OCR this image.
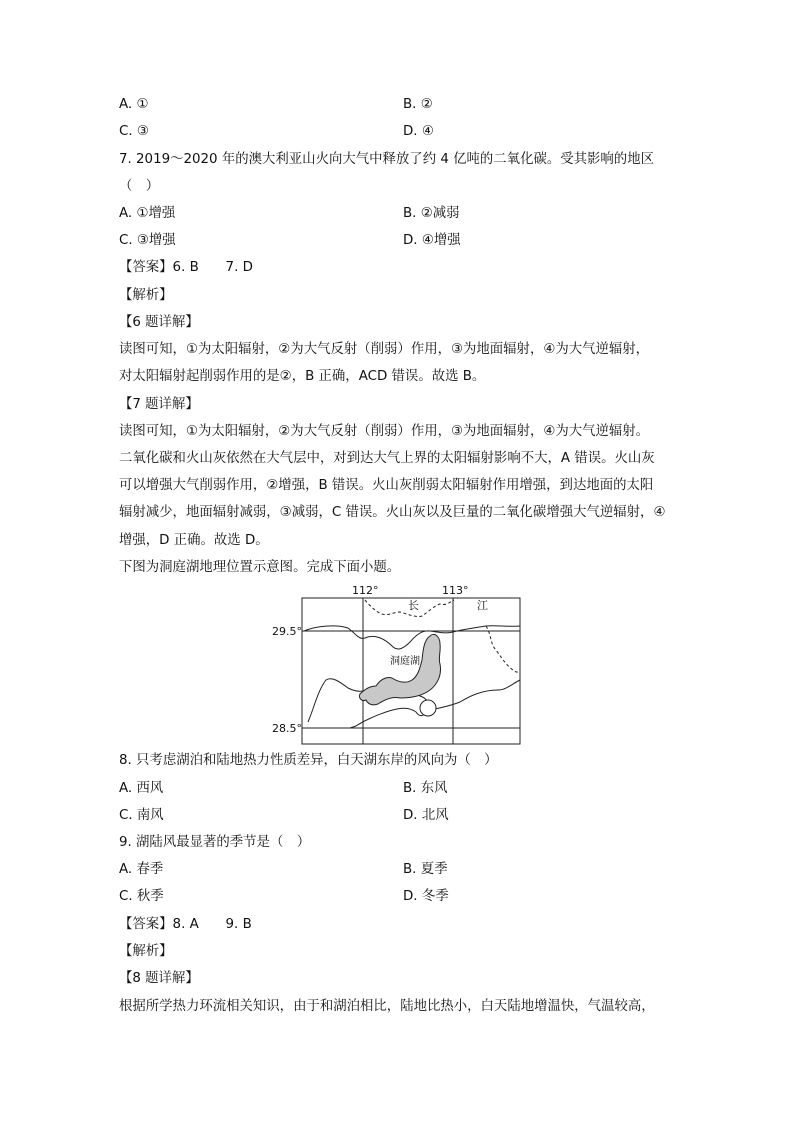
A. ①	B. ②
C. ③	D. ④
7. 2019～2020 年的澳大利亚山火向大气中释放了约 4 亿吨的二氧化碳。受其影响的地区
（　）
A. ①增强	B. ②减弱
C. ③增强	D. ④增强
【答案】6. B　　7. D
【解析】
【6 题详解】
读图可知，①为太阳辐射，②为大气反射（削弱）作用，③为地面辐射，④为大气逆辐射，
对太阳辐射起削弱作用的是②，B 正确，ACD 错误。故选 B。
【7 题详解】
读图可知，①为太阳辐射，②为大气反射（削弱）作用，③为地面辐射，④为大气逆辐射。
二氧化碳和火山灰依然在大气层中，对到达大气上界的太阳辐射影响不大，A 错误。火山灰
可以增强大气削弱作用，②增强，B 错误。火山灰削弱太阳辐射作用增强，到达地面的太阳
辐射减少，地面辐射减弱，③减弱，C 错误。火山灰以及巨量的二氧化碳增强大气逆辐射，④
增强，D 正确。故选 D。
下图为洞庭湖地理位置示意图。完成下面小题。
112°	113°
29.5°
28.5°
长	江
洞庭湖
8. 只考虑湖泊和陆地热力性质差异，白天湖东岸的风向为（　）
A. 西风	B. 东风
C. 南风	D. 北风
9. 湖陆风最显著的季节是（　）
A. 春季	B. 夏季
C. 秋季	D. 冬季
【答案】8. A　　9. B
【解析】
【8 题详解】
根据所学热力环流相关知识，由于和湖泊相比，陆地比热小，白天陆地增温快，气温较高，
